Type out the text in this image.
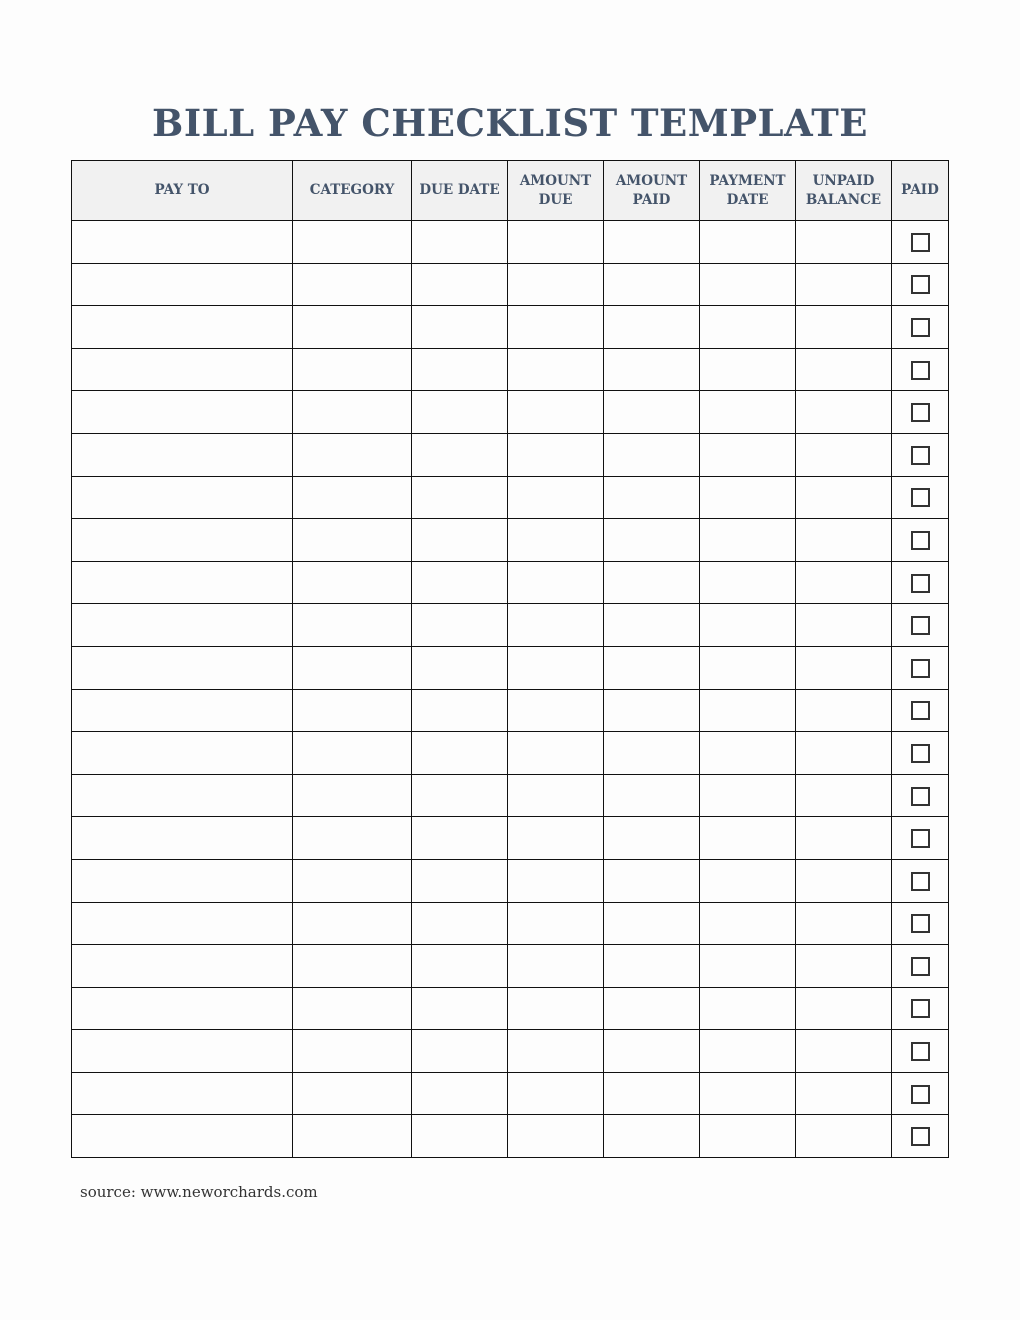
BILL PAY CHECKLIST TEMPLATE
PAY TO	CATEGORY	DUE DATE	AMOUNT DUE	AMOUNT PAID	PAYMENT DATE	UNPAID BALANCE	PAID

source: www.neworchards.com
